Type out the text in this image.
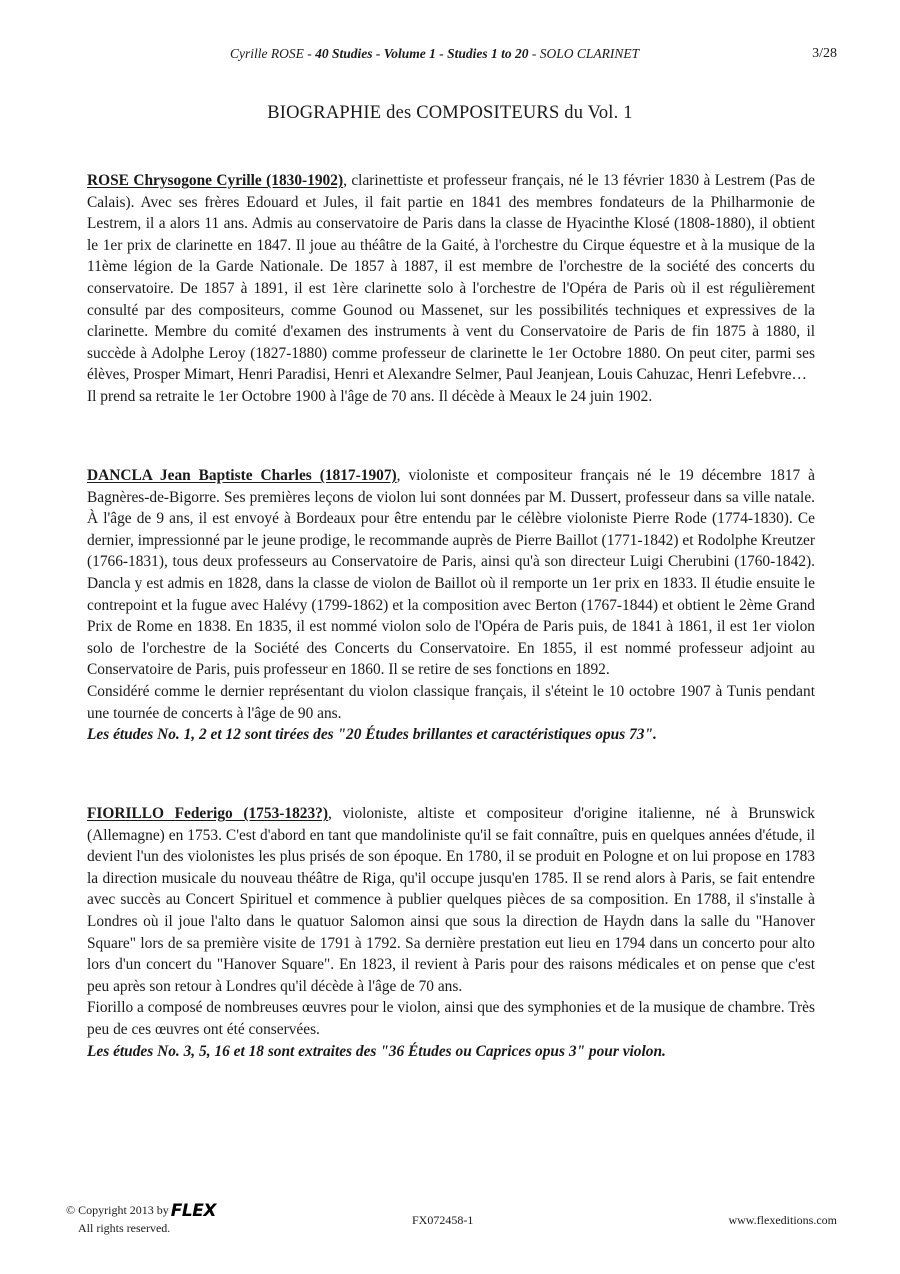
Cyrille ROSE - 40 Studies - Volume 1 - Studies 1 to 20 - SOLO CLARINET	3/28
BIOGRAPHIE des COMPOSITEURS du Vol. 1

ROSE Chrysogone Cyrille (1830-1902), clarinettiste et professeur français, né le 13 février 1830 à Lestrem (Pas de Calais). Avec ses frères Edouard et Jules, il fait partie en 1841 des membres fondateurs de la Philharmonie de Lestrem, il a alors 11 ans. Admis au conservatoire de Paris dans la classe de Hyacinthe Klosé (1808-1880), il obtient le 1er prix de clarinette en 1847. Il joue au théâtre de la Gaité, à l'orchestre du Cirque équestre et à la musique de la 11ème légion de la Garde Nationale. De 1857 à 1887, il est membre de l'orchestre de la société des concerts du conservatoire. De 1857 à 1891, il est 1ère clarinette solo à l'orchestre de l'Opéra de Paris où il est régulièrement consulté par des compositeurs, comme Gounod ou Massenet, sur les possibilités techniques et expressives de la clarinette. Membre du comité d'examen des instruments à vent du Conservatoire de Paris de fin 1875 à 1880, il succède à Adolphe Leroy (1827-1880) comme professeur de clarinette le 1er Octobre 1880. On peut citer, parmi ses élèves, Prosper Mimart, Henri Paradisi, Henri et Alexandre Selmer, Paul Jeanjean, Louis Cahuzac, Henri Lefebvre…

Il prend sa retraite le 1er Octobre 1900 à l'âge de 70 ans. Il décède à Meaux le 24 juin 1902.

DANCLA Jean Baptiste Charles (1817-1907), violoniste et compositeur français né le 19 décembre 1817 à Bagnères-de-Bigorre. Ses premières leçons de violon lui sont données par M. Dussert, professeur dans sa ville natale. À l'âge de 9 ans, il est envoyé à Bordeaux pour être entendu par le célèbre violoniste Pierre Rode (1774-1830). Ce dernier, impressionné par le jeune prodige, le recommande auprès de Pierre Baillot (1771-1842) et Rodolphe Kreutzer (1766-1831), tous deux professeurs au Conservatoire de Paris, ainsi qu'à son directeur Luigi Cherubini (1760-1842). Dancla y est admis en 1828, dans la classe de violon de Baillot où il remporte un 1er prix en 1833. Il étudie ensuite le contrepoint et la fugue avec Halévy (1799-1862) et la composition avec Berton (1767-1844) et obtient le 2ème Grand Prix de Rome en 1838. En 1835, il est nommé violon solo de l'Opéra de Paris puis, de 1841 à 1861, il est 1er violon solo de l'orchestre de la Société des Concerts du Conservatoire. En 1855, il est nommé professeur adjoint au Conservatoire de Paris, puis professeur en 1860. Il se retire de ses fonctions en 1892.

Considéré comme le dernier représentant du violon classique français, il s'éteint le 10 octobre 1907 à Tunis pendant une tournée de concerts à l'âge de 90 ans.

Les études No. 1, 2 et 12 sont tirées des "20 Études brillantes et caractéristiques opus 73".

FIORILLO Federigo (1753-1823?), violoniste, altiste et compositeur d'origine italienne, né à Brunswick (Allemagne) en 1753. C'est d'abord en tant que mandoliniste qu'il se fait connaître, puis en quelques années d'étude, il devient l'un des violonistes les plus prisés de son époque. En 1780, il se produit en Pologne et on lui propose en 1783 la direction musicale du nouveau théâtre de Riga, qu'il occupe jusqu'en 1785. Il se rend alors à Paris, se fait entendre avec succès au Concert Spirituel et commence à publier quelques pièces de sa composition. En 1788, il s'installe à Londres où il joue l'alto dans le quatuor Salomon ainsi que sous la direction de Haydn dans la salle du "Hanover Square" lors de sa première visite de 1791 à 1792. Sa dernière prestation eut lieu en 1794 dans un concerto pour alto lors d'un concert du "Hanover Square". En 1823, il revient à Paris pour des raisons médicales et on pense que c'est peu après son retour à Londres qu'il décède à l'âge de 70 ans.

Fiorillo a composé de nombreuses œuvres pour le violon, ainsi que des symphonies et de la musique de chambre. Très peu de ces œuvres ont été conservées.

Les études No. 3, 5, 16 et 18 sont extraites des "36 Études ou Caprices opus 3" pour violon.

© Copyright 2013 by FLEX
All rights reserved.
FX072458-1	www.flexeditions.com
